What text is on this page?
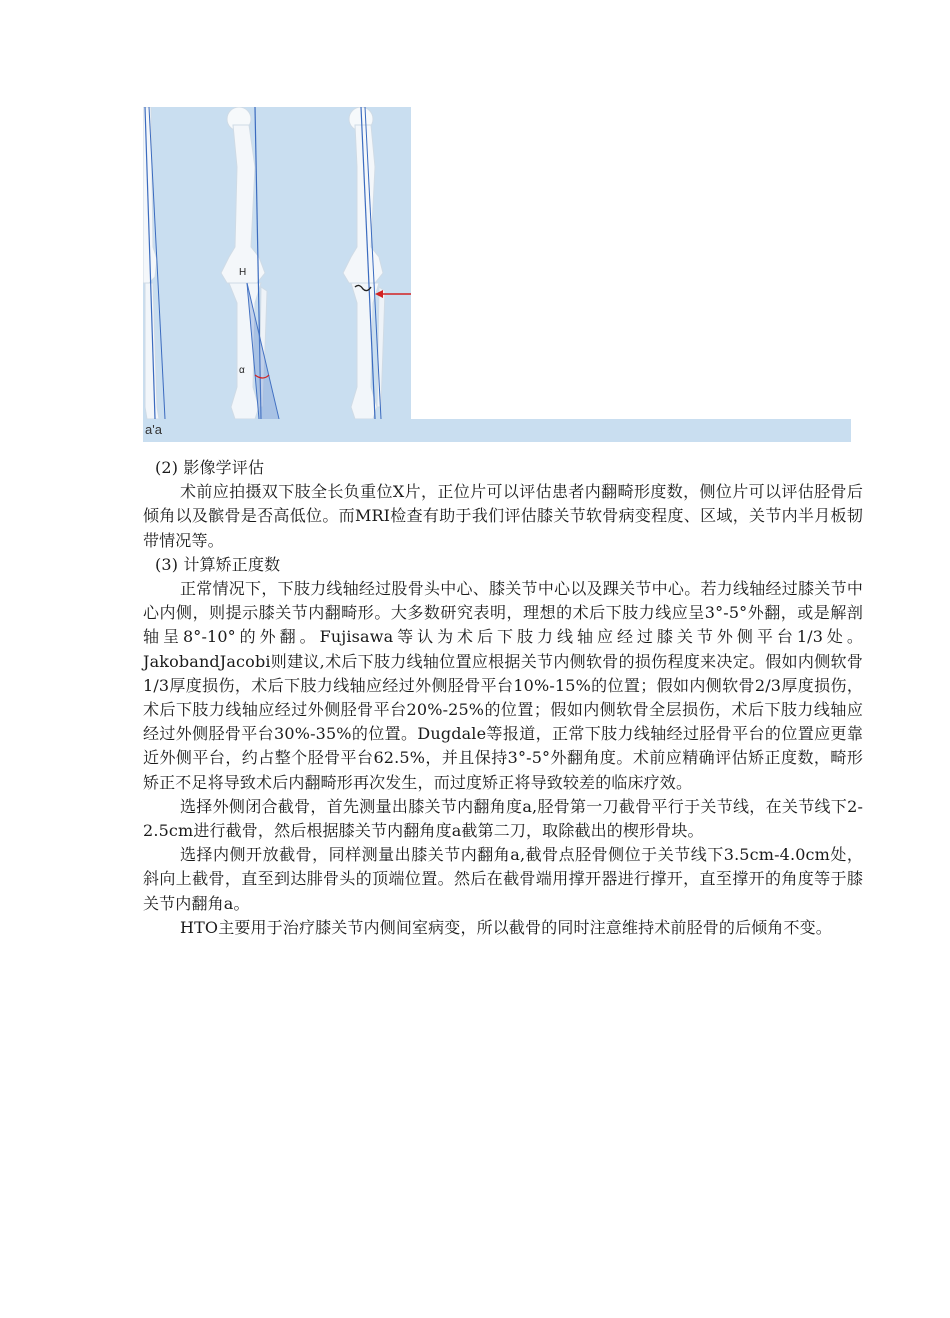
H
α
a'a

(2) 影像学评估

术前应拍摄双下肢全长负重位X片，正位片可以评估患者内翻畸形度数，侧位片可以评估胫骨后倾角以及髌骨是否高低位。而MRI检查有助于我们评估膝关节软骨病变程度、区域，关节内半月板韧带情况等。

(3) 计算矫正度数

正常情况下，下肢力线轴经过股骨头中心、膝关节中心以及踝关节中心。若力线轴经过膝关节中心内侧，则提示膝关节内翻畸形。大多数研究表明，理想的术后下肢力线应呈3°-5°外翻，或是解剖轴呈8°-10°的外翻。Fujisawa等认为术后下肢力线轴应经过膝关节外侧平台1/3处。JakobandJacobi则建议,术后下肢力线轴位置应根据关节内侧软骨的损伤程度来决定。假如内侧软骨1/3厚度损伤，术后下肢力线轴应经过外侧胫骨平台10%-15%的位置；假如内侧软骨2/3厚度损伤，术后下肢力线轴应经过外侧胫骨平台20%-25%的位置；假如内侧软骨全层损伤，术后下肢力线轴应经过外侧胫骨平台30%-35%的位置。Dugdale等报道，正常下肢力线轴经过胫骨平台的位置应更靠近外侧平台，约占整个胫骨平台62.5%，并且保持3°-5°外翻角度。术前应精确评估矫正度数，畸形矫正不足将导致术后内翻畸形再次发生，而过度矫正将导致较差的临床疗效。

选择外侧闭合截骨，首先测量出膝关节内翻角度a,胫骨第一刀截骨平行于关节线，在关节线下2-2.5cm进行截骨，然后根据膝关节内翻角度a截第二刀，取除截出的楔形骨块。

选择内侧开放截骨，同样测量出膝关节内翻角a,截骨点胫骨侧位于关节线下3.5cm-4.0cm处，斜向上截骨，直至到达腓骨头的顶端位置。然后在截骨端用撑开器进行撑开，直至撑开的角度等于膝关节内翻角a。

HTO主要用于治疗膝关节内侧间室病变，所以截骨的同时注意维持术前胫骨的后倾角不变。
